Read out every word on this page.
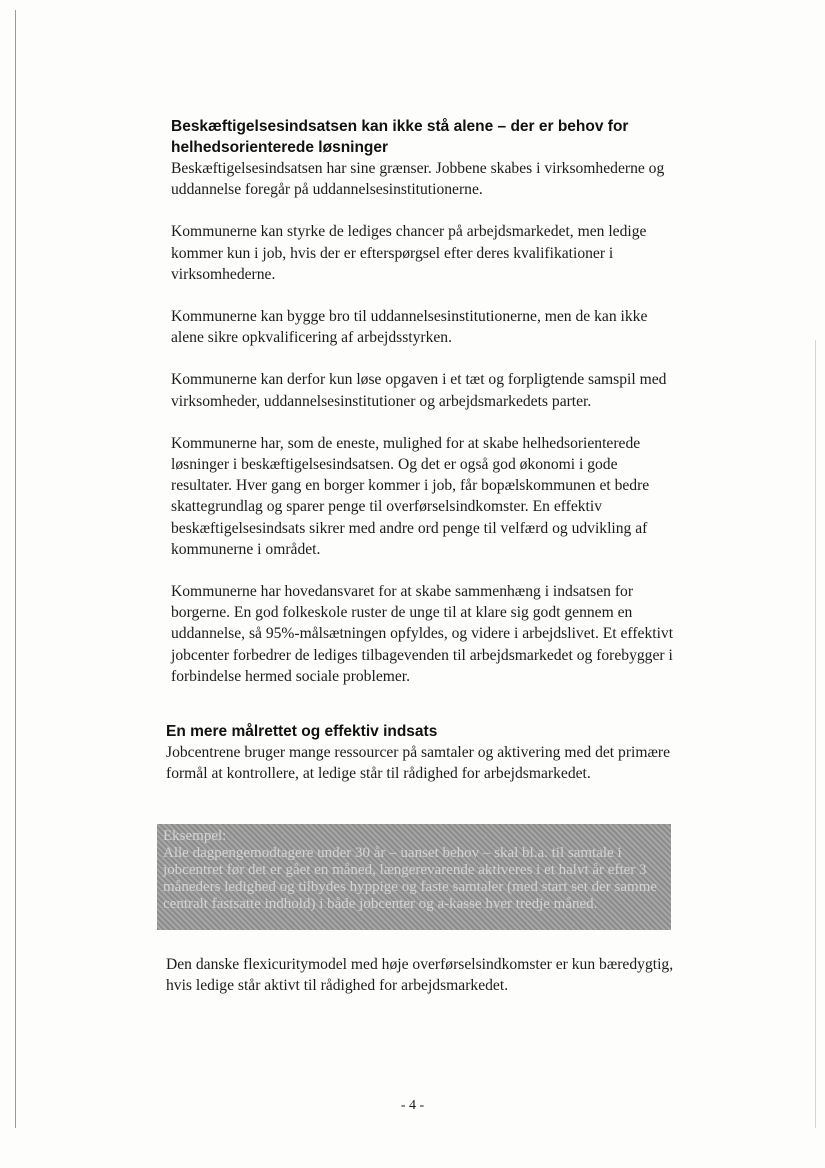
Beskæftigelsesindsatsen kan ikke stå alene – der er behov for helhedsorienterede løsninger

Beskæftigelsesindsatsen har sine grænser. Jobbene skabes i virksomhederne og uddannelse foregår på uddannelsesinstitutionerne.

Kommunerne kan styrke de lediges chancer på arbejdsmarkedet, men ledige kommer kun i job, hvis der er efterspørgsel efter deres kvalifikationer i virksomhederne.

Kommunerne kan bygge bro til uddannelsesinstitutionerne, men de kan ikke alene sikre opkvalificering af arbejdsstyrken.

Kommunerne kan derfor kun løse opgaven i et tæt og forpligtende samspil med virksomheder, uddannelsesinstitutioner og arbejdsmarkedets parter.

Kommunerne har, som de eneste, mulighed for at skabe helhedsorienterede løsninger i beskæftigelsesindsatsen. Og det er også god økonomi i gode resultater. Hver gang en borger kommer i job, får bopælskommunen et bedre skattegrundlag og sparer penge til overførselsindkomster. En effektiv beskæftigelsesindsats sikrer med andre ord penge til velfærd og udvikling af kommunerne i området.

Kommunerne har hovedansvaret for at skabe sammenhæng i indsatsen for borgerne. En god folkeskole ruster de unge til at klare sig godt gennem en uddannelse, så 95%-målsætningen opfyldes, og videre i arbejdslivet. Et effektivt jobcenter forbedrer de lediges tilbagevenden til arbejdsmarkedet og forebygger i forbindelse hermed sociale problemer.

En mere målrettet og effektiv indsats

Jobcentrene bruger mange ressourcer på samtaler og aktivering med det primære formål at kontrollere, at ledige står til rådighed for arbejdsmarkedet.

Eksempel:
Alle dagpengemodtagere under 30 år – uanset behov – skal bl.a. til samtale i jobcentret før det er gået en måned, længerevarende aktiveres i et halvt år efter 3 måneders ledighed og tilbydes hyppige og faste samtaler (med start set der samme centralt fastsatte indhold) i både jobcenter og a-kasse hver tredje måned.

Den danske flexicuritymodel med høje overførselsindkomster er kun bæredygtig, hvis ledige står aktivt til rådighed for arbejdsmarkedet.

- 4 -
